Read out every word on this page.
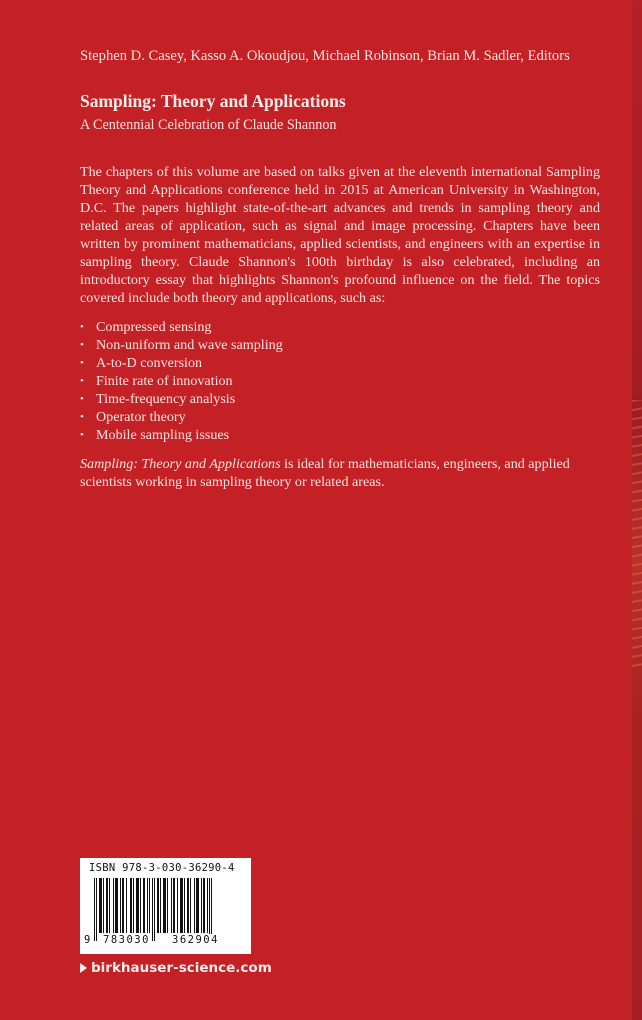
Stephen D. Casey, Kasso A. Okoudjou, Michael Robinson, Brian M. Sadler, Editors
Sampling: Theory and Applications
A Centennial Celebration of Claude Shannon
The chapters of this volume are based on talks given at the eleventh international Sampling Theory and Applications conference held in 2015 at American University in Washington, D.C. The papers highlight state-of-the-art advances and trends in sampling theory and related areas of application, such as signal and image processing. Chapters have been written by prominent mathematicians, applied scientists, and engineers with an expertise in sampling theory. Claude Shannon's 100th birthday is also celebrated, including an introductory essay that highlights Shannon's profound influence on the field. The topics covered include both theory and applications, such as:
• Compressed sensing
• Non-uniform and wave sampling
• A-to-D conversion
• Finite rate of innovation
• Time-frequency analysis
• Operator theory
• Mobile sampling issues
Sampling: Theory and Applications is ideal for mathematicians, engineers, and applied scientists working in sampling theory or related areas.
ISBN 978-3-030-36290-4
9 783030 362904
birkhauser-science.com
